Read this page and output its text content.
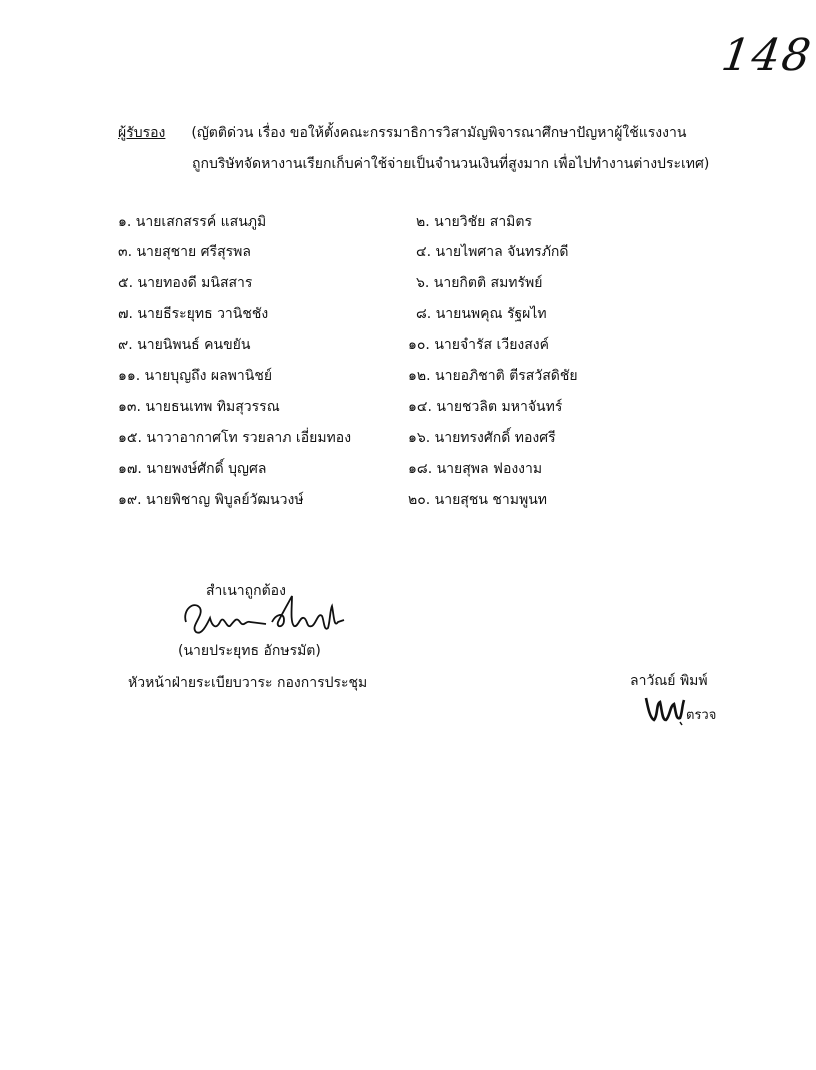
148
ผู้รับรอง (ญัตติด่วน เรื่อง ขอให้ตั้งคณะกรรมาธิการวิสามัญพิจารณาศึกษาปัญหาผู้ใช้แรงงาน
ถูกบริษัทจัดหางานเรียกเก็บค่าใช้จ่ายเป็นจำนวนเงินที่สูงมาก เพื่อไปทำงานต่างประเทศ)
๑. นายเสกสรรค์ แสนภูมิ	๒. นายวิชัย สามิตร
๓. นายสุชาย ศรีสุรพล	๔. นายไพศาล จันทรภักดี
๕. นายทองดี มนิสสาร	๖. นายกิตติ สมทรัพย์
๗. นายธีระยุทธ วานิชชัง	๘. นายนพคุณ รัฐผไท
๙. นายนิพนธ์ คนขยัน	๑๐. นายจำรัส เวียงสงค์
๑๑. นายบุญถึง ผลพานิชย์	๑๒. นายอภิชาติ ตีรสวัสดิชัย
๑๓. นายธนเทพ ทิมสุวรรณ	๑๔. นายชวลิต มหาจันทร์
๑๕. นาวาอากาศโท รวยลาภ เอี่ยมทอง	๑๖. นายทรงศักดิ์ ทองศรี
๑๗. นายพงษ์ศักดิ์ บุญศล	๑๘. นายสุพล ฟองงาม
๑๙. นายพิชาญ พิบูลย์วัฒนวงษ์	๒๐. นายสุชน ชามพูนท
สำเนาถูกต้อง
(นายประยุทธ อักษรมัต)
หัวหน้าฝ่ายระเบียบวาระ กองการประชุม	ลาวัณย์ พิมพ์
ตรวจ
